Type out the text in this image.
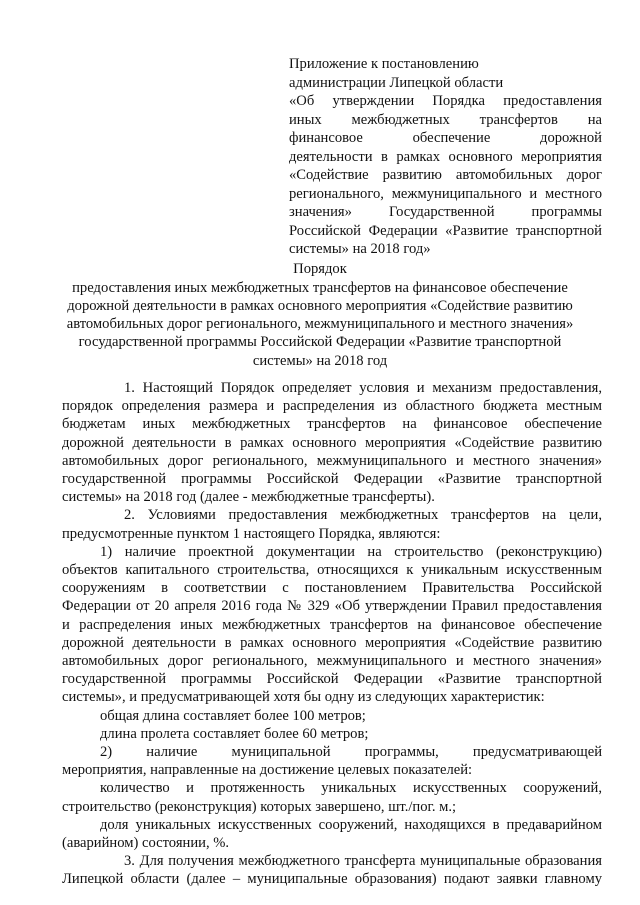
Приложение к постановлению
администрации Липецкой области
«Об утверждении Порядка предоставления
иных межбюджетных трансфертов на
финансовое обеспечение дорожной
деятельности в рамках основного мероприятия
«Содействие развитию автомобильных дорог
регионального, межмуниципального и местного
значения» Государственной программы
Российской Федерации «Развитие транспортной
системы» на 2018 год»
Порядок
предоставления иных межбюджетных трансфертов на финансовое обеспечение
дорожной деятельности в рамках основного мероприятия «Содействие развитию
автомобильных дорог регионального, межмуниципального и местного значения»
государственной программы Российской Федерации «Развитие транспортной
системы» на 2018 год
1. Настоящий Порядок определяет условия и механизм предоставления,
порядок определения размера и распределения из областного бюджета местным
бюджетам иных межбюджетных трансфертов на финансовое обеспечение
дорожной деятельности в рамках основного мероприятия «Содействие развитию
автомобильных дорог регионального, межмуниципального и местного значения»
государственной программы Российской Федерации «Развитие транспортной
системы» на 2018 год (далее - межбюджетные трансферты).
2. Условиями предоставления межбюджетных трансфертов на цели,
предусмотренные пунктом 1 настоящего Порядка, являются:
1) наличие проектной документации на строительство (реконструкцию)
объектов капитального строительства, относящихся к уникальным искусственным
сооружениям в соответствии с постановлением Правительства Российской
Федерации от 20 апреля 2016 года № 329 «Об утверждении Правил предоставления
и распределения иных межбюджетных трансфертов на финансовое обеспечение
дорожной деятельности в рамках основного мероприятия «Содействие развитию
автомобильных дорог регионального, межмуниципального и местного значения»
государственной программы Российской Федерации «Развитие транспортной
системы», и предусматривающей хотя бы одну из следующих характеристик:
общая длина составляет более 100 метров;
длина пролета составляет более 60 метров;
2) наличие муниципальной программы, предусматривающей
мероприятия, направленные на достижение целевых показателей:
количество и протяженность уникальных искусственных сооружений,
строительство (реконструкция) которых завершено, шт./пог. м.;
доля уникальных искусственных сооружений, находящихся в предаварийном
(аварийном) состоянии, %.
3. Для получения межбюджетного трансферта муниципальные образования
Липецкой области (далее – муниципальные образования) подают заявки главному
